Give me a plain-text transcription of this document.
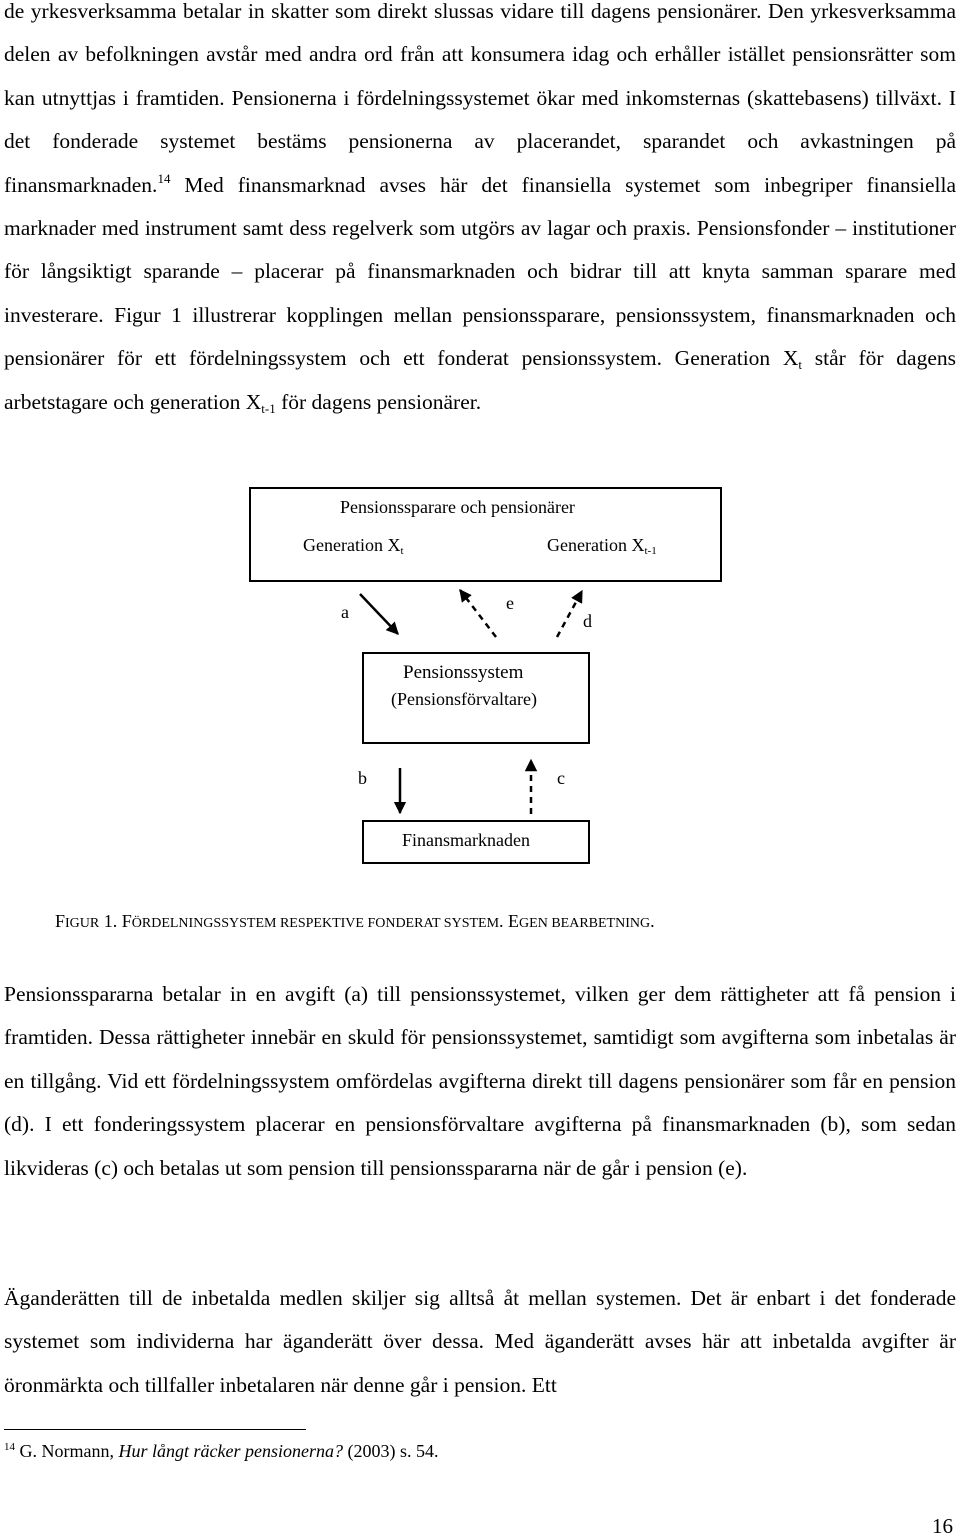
de yrkesverksamma betalar in skatter som direkt slussas vidare till dagens pensionärer. Den yrkesverksamma delen av befolkningen avstår med andra ord från att konsumera idag och erhåller istället pensionsrätter som kan utnyttjas i framtiden. Pensionerna i fördelningssystemet ökar med inkomsternas (skattebasens) tillväxt. I det fonderade systemet bestäms pensionerna av placerandet, sparandet och avkastningen på finansmarknaden.$^{14}$ Med finansmarknad avses här det finansiella systemet som inbegriper finansiella marknader med instrument samt dess regelverk som utgörs av lagar och praxis. Pensionsfonder – institutioner för långsiktigt sparande – placerar på finansmarknaden och bidrar till att knyta samman sparare med investerare. Figur 1 illustrerar kopplingen mellan pensionssparare, pensionssystem, finansmarknaden och pensionärer för ett fördelningssystem och ett fonderat pensionssystem. Generation $X_t$ står för dagens arbetstagare och generation $X_{t-1}$ för dagens pensionärer.

Pensionssparare och pensionärer
Generation $X_t$	Generation $X_{t-1}$
a	e
d
Pensionssystem
(Pensionsförvaltare)
b	c
Finansmarknaden
FIGUR 1. FÖRDELNINGSSYSTEM RESPEKTIVE FONDERAT SYSTEM. EGEN BEARBETNING.

Pensionsspararna betalar in en avgift (a) till pensionssystemet, vilken ger dem rättigheter att få pension i framtiden. Dessa rättigheter innebär en skuld för pensionssystemet, samtidigt som avgifterna som inbetalas är en tillgång. Vid ett fördelningssystem omfördelas avgifterna direkt till dagens pensionärer som får en pension (d). I ett fonderingssystem placerar en pensionsförvaltare avgifterna på finansmarknaden (b), som sedan likvideras (c) och betalas ut som pension till pensionsspararna när de går i pension (e).

Äganderätten till de inbetalda medlen skiljer sig alltså åt mellan systemen. Det är enbart i det fonderade systemet som individerna har äganderätt över dessa. Med äganderätt avses här att inbetalda avgifter är öronmärkta och tillfaller inbetalaren när denne går i pension. Ett

$^{14}$ G. Normann, Hur långt räcker pensionerna? (2003) s. 54.
16
